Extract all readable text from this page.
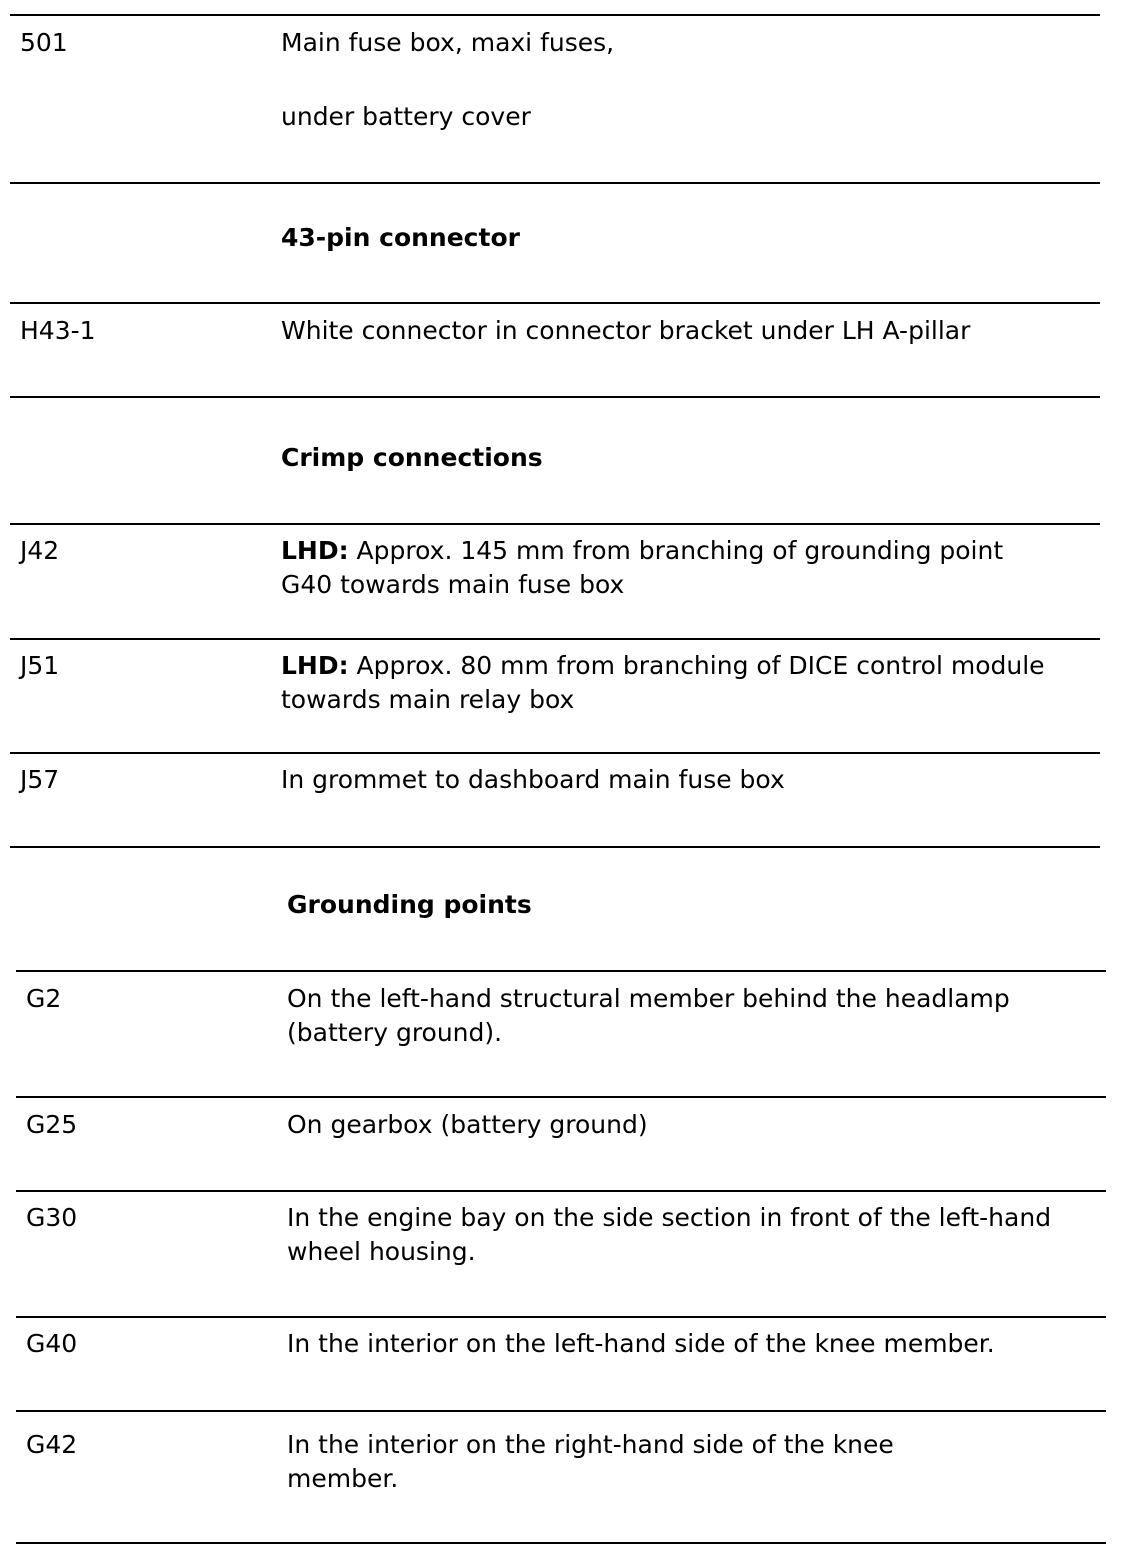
501	Main fuse box, maxi fuses,
under battery cover
43-pin connector
H43-1	White connector in connector bracket under LH A-pillar
Crimp connections
J42	LHD: Approx. 145 mm from branching of grounding point G40 towards main fuse box
J51	LHD: Approx. 80 mm from branching of DICE control module towards main relay box
J57	In grommet to dashboard main fuse box
Grounding points
G2	On the left-hand structural member behind the headlamp (battery ground).
G25	On gearbox (battery ground)
G30	In the engine bay on the side section in front of the left-hand wheel housing.
G40	In the interior on the left-hand side of the knee member.
G42	In the interior on the right-hand side of the knee member.
